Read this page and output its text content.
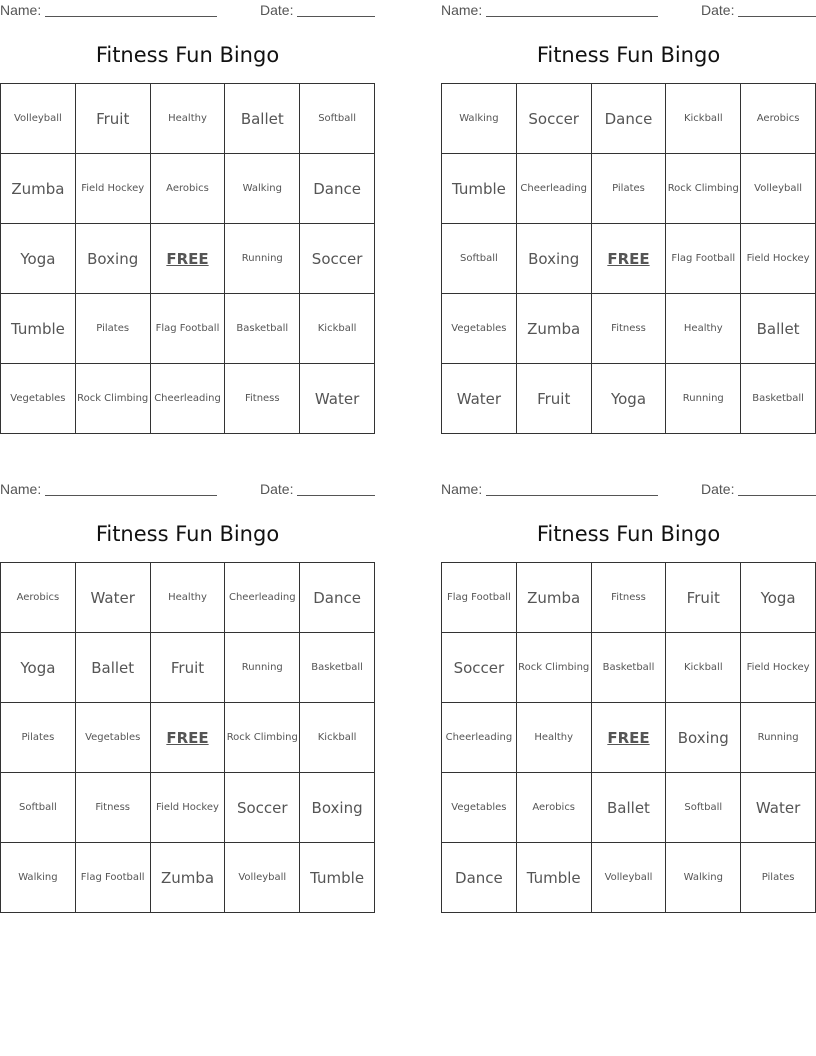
Name:	Date:
Fitness Fun Bingo
Volleyball	Fruit	Healthy	Ballet	Softball
Zumba	Field Hockey	Aerobics	Walking	Dance
Yoga	Boxing	FREE	Running	Soccer
Tumble	Pilates	Flag Football	Basketball	Kickball
Vegetables	Rock Climbing	Cheerleading	Fitness	Water
Name:	Date:
Fitness Fun Bingo
Walking	Soccer	Dance	Kickball	Aerobics
Tumble	Cheerleading	Pilates	Rock Climbing	Volleyball
Softball	Boxing	FREE	Flag Football	Field Hockey
Vegetables	Zumba	Fitness	Healthy	Ballet
Water	Fruit	Yoga	Running	Basketball
Name:	Date:
Fitness Fun Bingo
Aerobics	Water	Healthy	Cheerleading	Dance
Yoga	Ballet	Fruit	Running	Basketball
Pilates	Vegetables	FREE	Rock Climbing	Kickball
Softball	Fitness	Field Hockey	Soccer	Boxing
Walking	Flag Football	Zumba	Volleyball	Tumble
Name:	Date:
Fitness Fun Bingo
Flag Football	Zumba	Fitness	Fruit	Yoga
Soccer	Rock Climbing	Basketball	Kickball	Field Hockey
Cheerleading	Healthy	FREE	Boxing	Running
Vegetables	Aerobics	Ballet	Softball	Water
Dance	Tumble	Volleyball	Walking	Pilates
